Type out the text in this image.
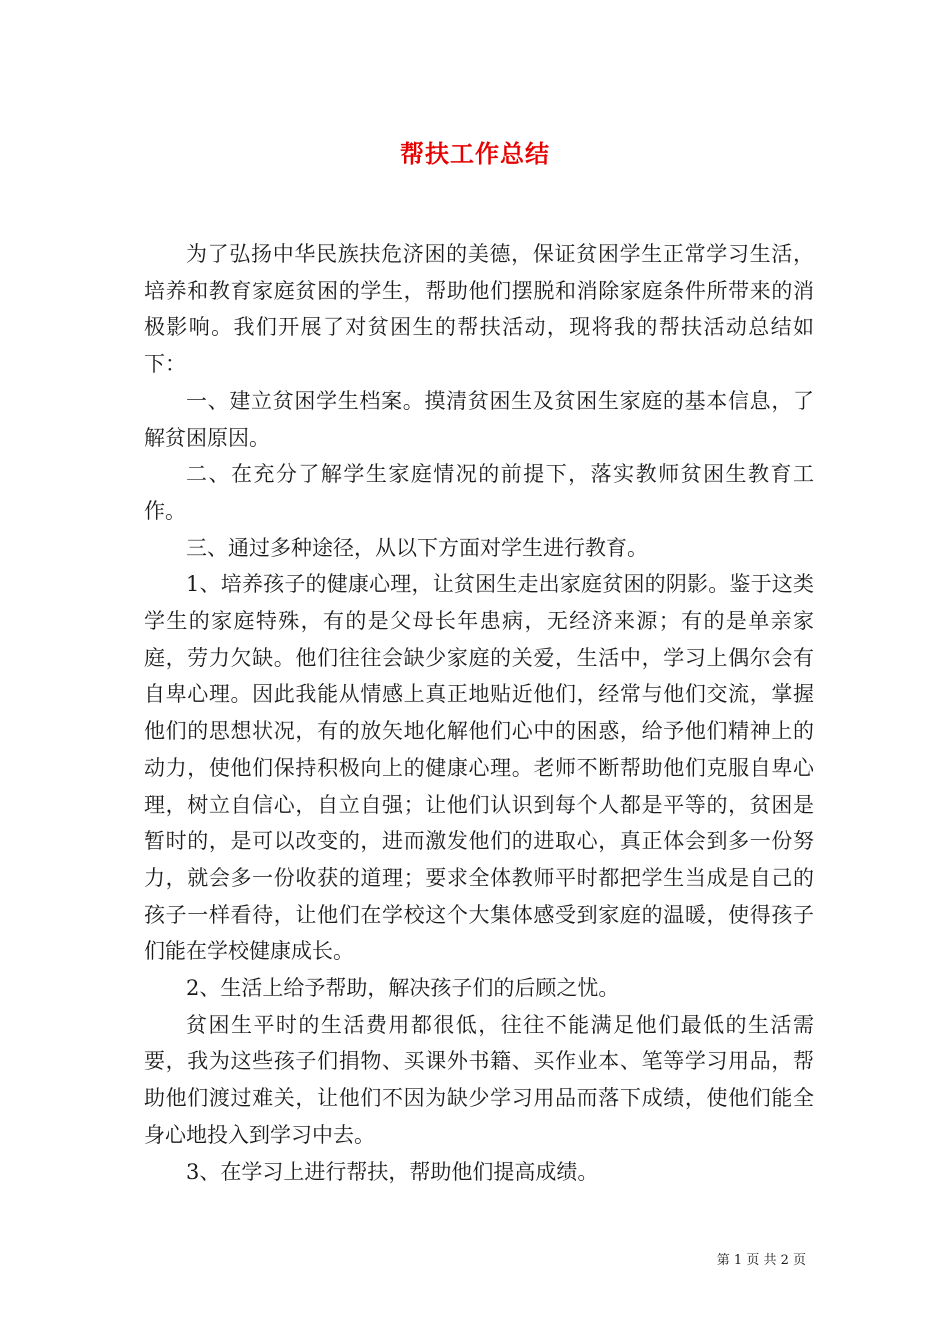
帮扶工作总结

为了弘扬中华民族扶危济困的美德，保证贫困学生正常学习生活，培养和教育家庭贫困的学生，帮助他们摆脱和消除家庭条件所带来的消极影响。我们开展了对贫困生的帮扶活动，现将我的帮扶活动总结如下：

一、建立贫困学生档案。摸清贫困生及贫困生家庭的基本信息，了解贫困原因。

二、在充分了解学生家庭情况的前提下，落实教师贫困生教育工作。

三、通过多种途径，从以下方面对学生进行教育。

1、培养孩子的健康心理，让贫困生走出家庭贫困的阴影。鉴于这类学生的家庭特殊，有的是父母长年患病，无经济来源；有的是单亲家庭，劳力欠缺。他们往往会缺少家庭的关爱，生活中，学习上偶尔会有自卑心理。因此我能从情感上真正地贴近他们，经常与他们交流，掌握他们的思想状况，有的放矢地化解他们心中的困惑，给予他们精神上的动力，使他们保持积极向上的健康心理。老师不断帮助他们克服自卑心理，树立自信心，自立自强；让他们认识到每个人都是平等的，贫困是暂时的，是可以改变的，进而激发他们的进取心，真正体会到多一份努力，就会多一份收获的道理；要求全体教师平时都把学生当成是自己的孩子一样看待，让他们在学校这个大集体感受到家庭的温暖，使得孩子们能在学校健康成长。

2、生活上给予帮助，解决孩子们的后顾之忧。

贫困生平时的生活费用都很低，往往不能满足他们最低的生活需要，我为这些孩子们捐物、买课外书籍、买作业本、笔等学习用品，帮助他们渡过难关，让他们不因为缺少学习用品而落下成绩，使他们能全身心地投入到学习中去。

3、在学习上进行帮扶，帮助他们提高成绩。

第 1 页 共 2 页
